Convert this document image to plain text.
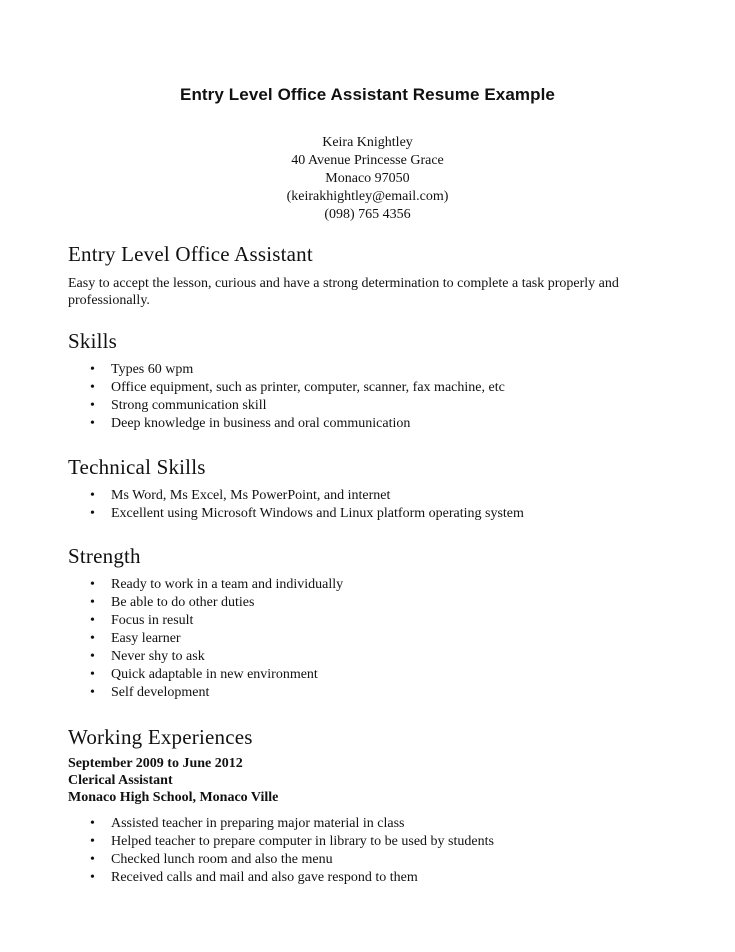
Entry Level Office Assistant Resume Example
Keira Knightley
40 Avenue Princesse Grace
Monaco 97050
(keirakhightley@email.com)
(098) 765 4356
Entry Level Office Assistant
Easy to accept the lesson, curious and have a strong determination to complete a task properly and
professionally.
Skills
• Types 60 wpm
• Office equipment, such as printer, computer, scanner, fax machine, etc
• Strong communication skill
• Deep knowledge in business and oral communication
Technical Skills
• Ms Word, Ms Excel, Ms PowerPoint, and internet
• Excellent using Microsoft Windows and Linux platform operating system
Strength
• Ready to work in a team and individually
• Be able to do other duties
• Focus in result
• Easy learner
• Never shy to ask
• Quick adaptable in new environment
• Self development
Working Experiences
September 2009 to June 2012
Clerical Assistant
Monaco High School, Monaco Ville
• Assisted teacher in preparing major material in class
• Helped teacher to prepare computer in library to be used by students
• Checked lunch room and also the menu
• Received calls and mail and also gave respond to them
